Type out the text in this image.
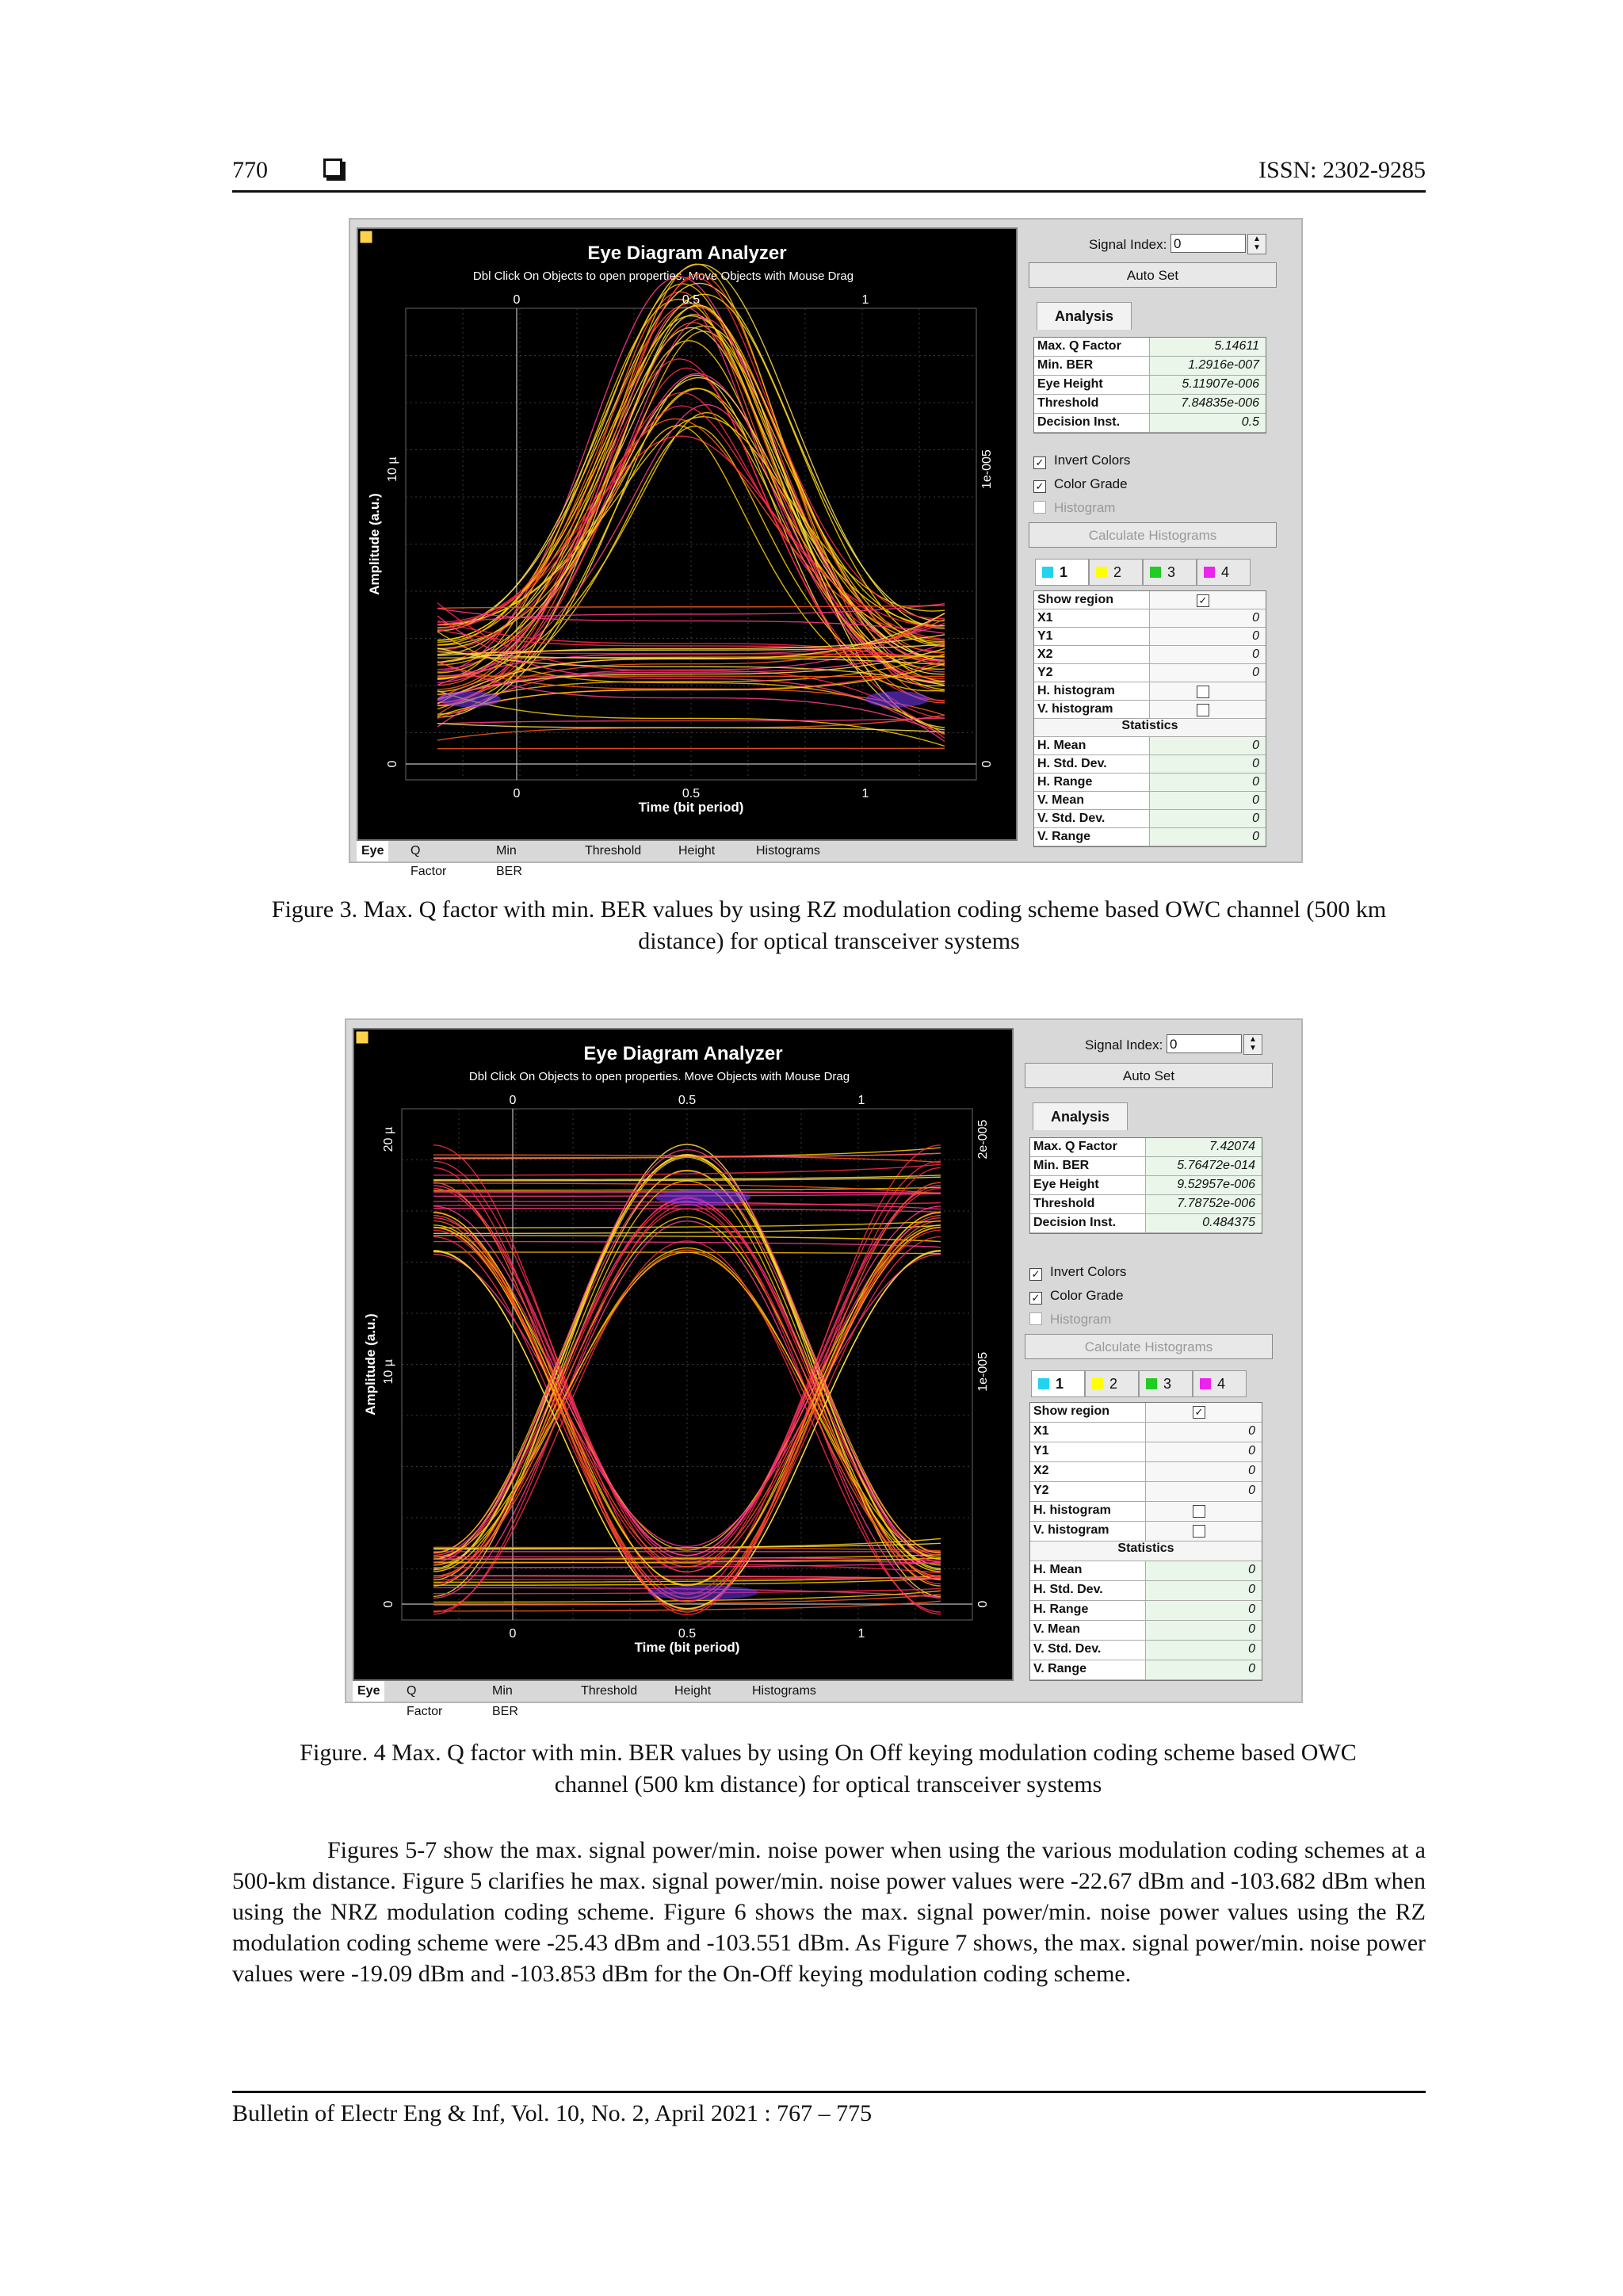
770	ISSN: 2302-9285
Eye Diagram Analyzer
Dbl Click On Objects to open properties. Move Objects with Mouse Drag
0
0
0.5
0.5
1
1
0
10 µ
0
1e-005
Time (bit period)
Amplitude (a.u.)
Eye	Q Factor
Min BER
Threshold	Height	Histograms
Signal Index: 0	▲
▼
Auto Set
Analysis
Max. Q Factor	5.14611
Min. BER	1.2916e-007
Eye Height	5.11907e-006
Threshold	7.84835e-006
Decision Inst.	0.5
✓ Invert Colors
✓ Color Grade
Histogram
Calculate Histograms
1	2	3	4
Show region	✓
X1	0
Y1	0
X2	0
Y2	0
H. histogram
V. histogram
Statistics
H. Mean	0
H. Std. Dev.	0
H. Range	0
V. Mean	0
V. Std. Dev.	0
V. Range	0
Figure 3. Max. Q factor with min. BER values by using RZ modulation coding scheme based OWC channel (500 km distance) for optical transceiver systems
Eye Diagram Analyzer
Dbl Click On Objects to open properties. Move Objects with Mouse Drag
0
0
0.5
0.5
1
1
0
10 µ
20 µ
0
1e-005
2e-005
Time (bit period)
Amplitude (a.u.)
Eye	Q Factor
Min BER
Threshold	Height	Histograms
Signal Index: 0	▲
▼
Auto Set
Analysis
Max. Q Factor	7.42074
Min. BER	5.76472e-014
Eye Height	9.52957e-006
Threshold	7.78752e-006
Decision Inst.	0.484375
✓ Invert Colors
✓ Color Grade
Histogram
Calculate Histograms
1	2	3	4
Show region	✓
X1	0
Y1	0
X2	0
Y2	0
H. histogram
V. histogram
Statistics
H. Mean	0
H. Std. Dev.	0
H. Range	0
V. Mean	0
V. Std. Dev.	0
V. Range	0
Figure. 4 Max. Q factor with min. BER values by using On Off keying modulation coding scheme based OWC channel (500 km distance) for optical transceiver systems
Figures 5-7 show the max. signal power/min. noise power when using the various modulation coding schemes at a 500-km distance. Figure 5 clarifies he max. signal power/min. noise power values were -22.67 dBm and -103.682 dBm when using the NRZ modulation coding scheme. Figure 6 shows the max. signal power/min. noise power values using the RZ modulation coding scheme were -25.43 dBm and -103.551 dBm. As Figure 7 shows, the max. signal power/min. noise power values were -19.09 dBm and -103.853 dBm for the On-Off keying modulation coding scheme.
Bulletin of Electr Eng & Inf, Vol. 10, No. 2, April 2021 : 767 – 775
